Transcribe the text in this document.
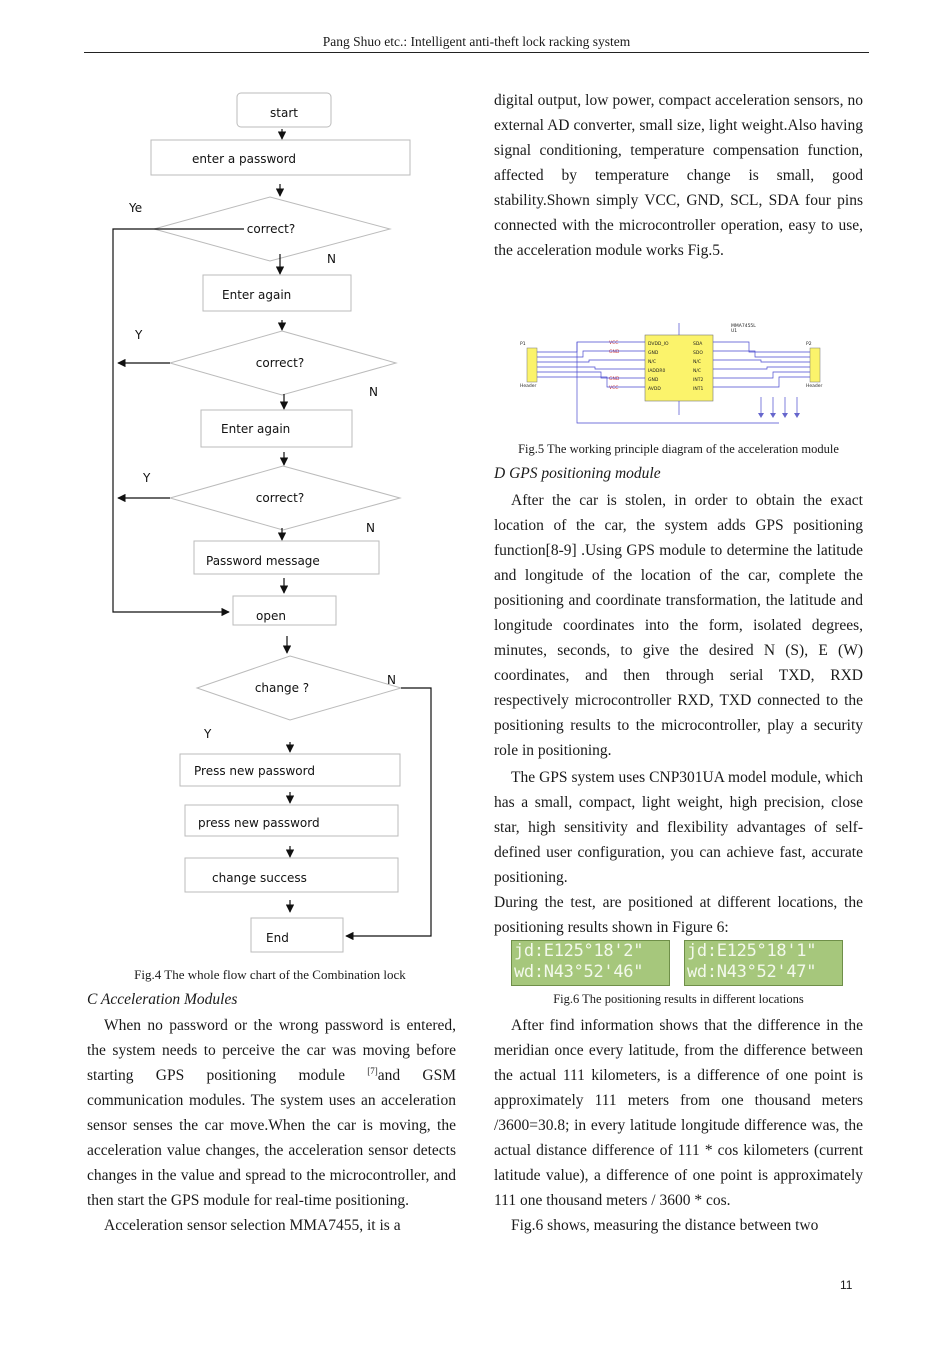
Pang Shuo etc.: Intelligent anti-theft lock racking system
start
enter a password
correct?
Enter again
correct?
Enter again
correct?
Password message
open
change ?
Press new password
press new password
change success
End
Ye
N
Y
N
Y
N
N
Y
Fig.4 The whole flow chart of the Combination lock
C Acceleration Modules

When no password or the wrong password is entered, the system needs to perceive the car was moving before starting GPS positioning module [7]and GSM communication modules. The system uses an acceleration sensor senses the car move.When the car is moving, the acceleration value changes, the acceleration sensor detects changes in the value and spread to the microcontroller, and then start the GPS module for real-time positioning.

Acceleration sensor selection MMA7455, it is a

digital output, low power, compact acceleration sensors, no external AD converter, small size, light weight.Also having signal conditioning, temperature compensation function, affected by temperature change is small, good stability.Shown simply VCC, GND, SCL, SDA four pins connected with the microcontroller operation, easy to use, the acceleration module works Fig.5.

DVDD_IO
GND
N/C
IADDR0
GND
AVDD
SDA
SDO
N/C
N/C
INT2
INT1
MMA7455L
U1
VCC
GND
GND
VCC
P1
Header
P2
Header
Fig.5 The working principle diagram of the acceleration module
D GPS positioning module

After the car is stolen, in order to obtain the exact location of the car, the system adds GPS positioning function[8-9] .Using GPS module to determine the latitude and longitude of the location of the car, complete the positioning and coordinate transformation, the latitude and longitude coordinates into the form, isolated degrees, minutes, seconds, to give the desired N (S), E (W) coordinates, and then through serial TXD, RXD respectively microcontroller RXD, TXD connected to the positioning results to the microcontroller, play a security role in positioning.

The GPS system uses CNP301UA model module, which has a small, compact, light weight, high precision, close star, high sensitivity and flexibility advantages of self-defined user configuration, you can achieve fast, accurate positioning.

During the test, are positioned at different locations, the positioning results shown in Figure 6:

jd:E125°18'2"
wd:N43°52'46"
jd:E125°18'1"
wd:N43°52'47"
Fig.6 The positioning results in different locations

After find information shows that the difference in the meridian once every latitude, from the difference between the actual 111 kilometers, is a difference of one point is approximately 111 meters from one thousand meters /3600=30.8; in every latitude longitude difference was, the actual distance difference of 111 * cos kilometers (current latitude value), a difference of one point is approximately 111 one thousand meters / 3600 * cos.

Fig.6 shows, measuring the distance between two

11
